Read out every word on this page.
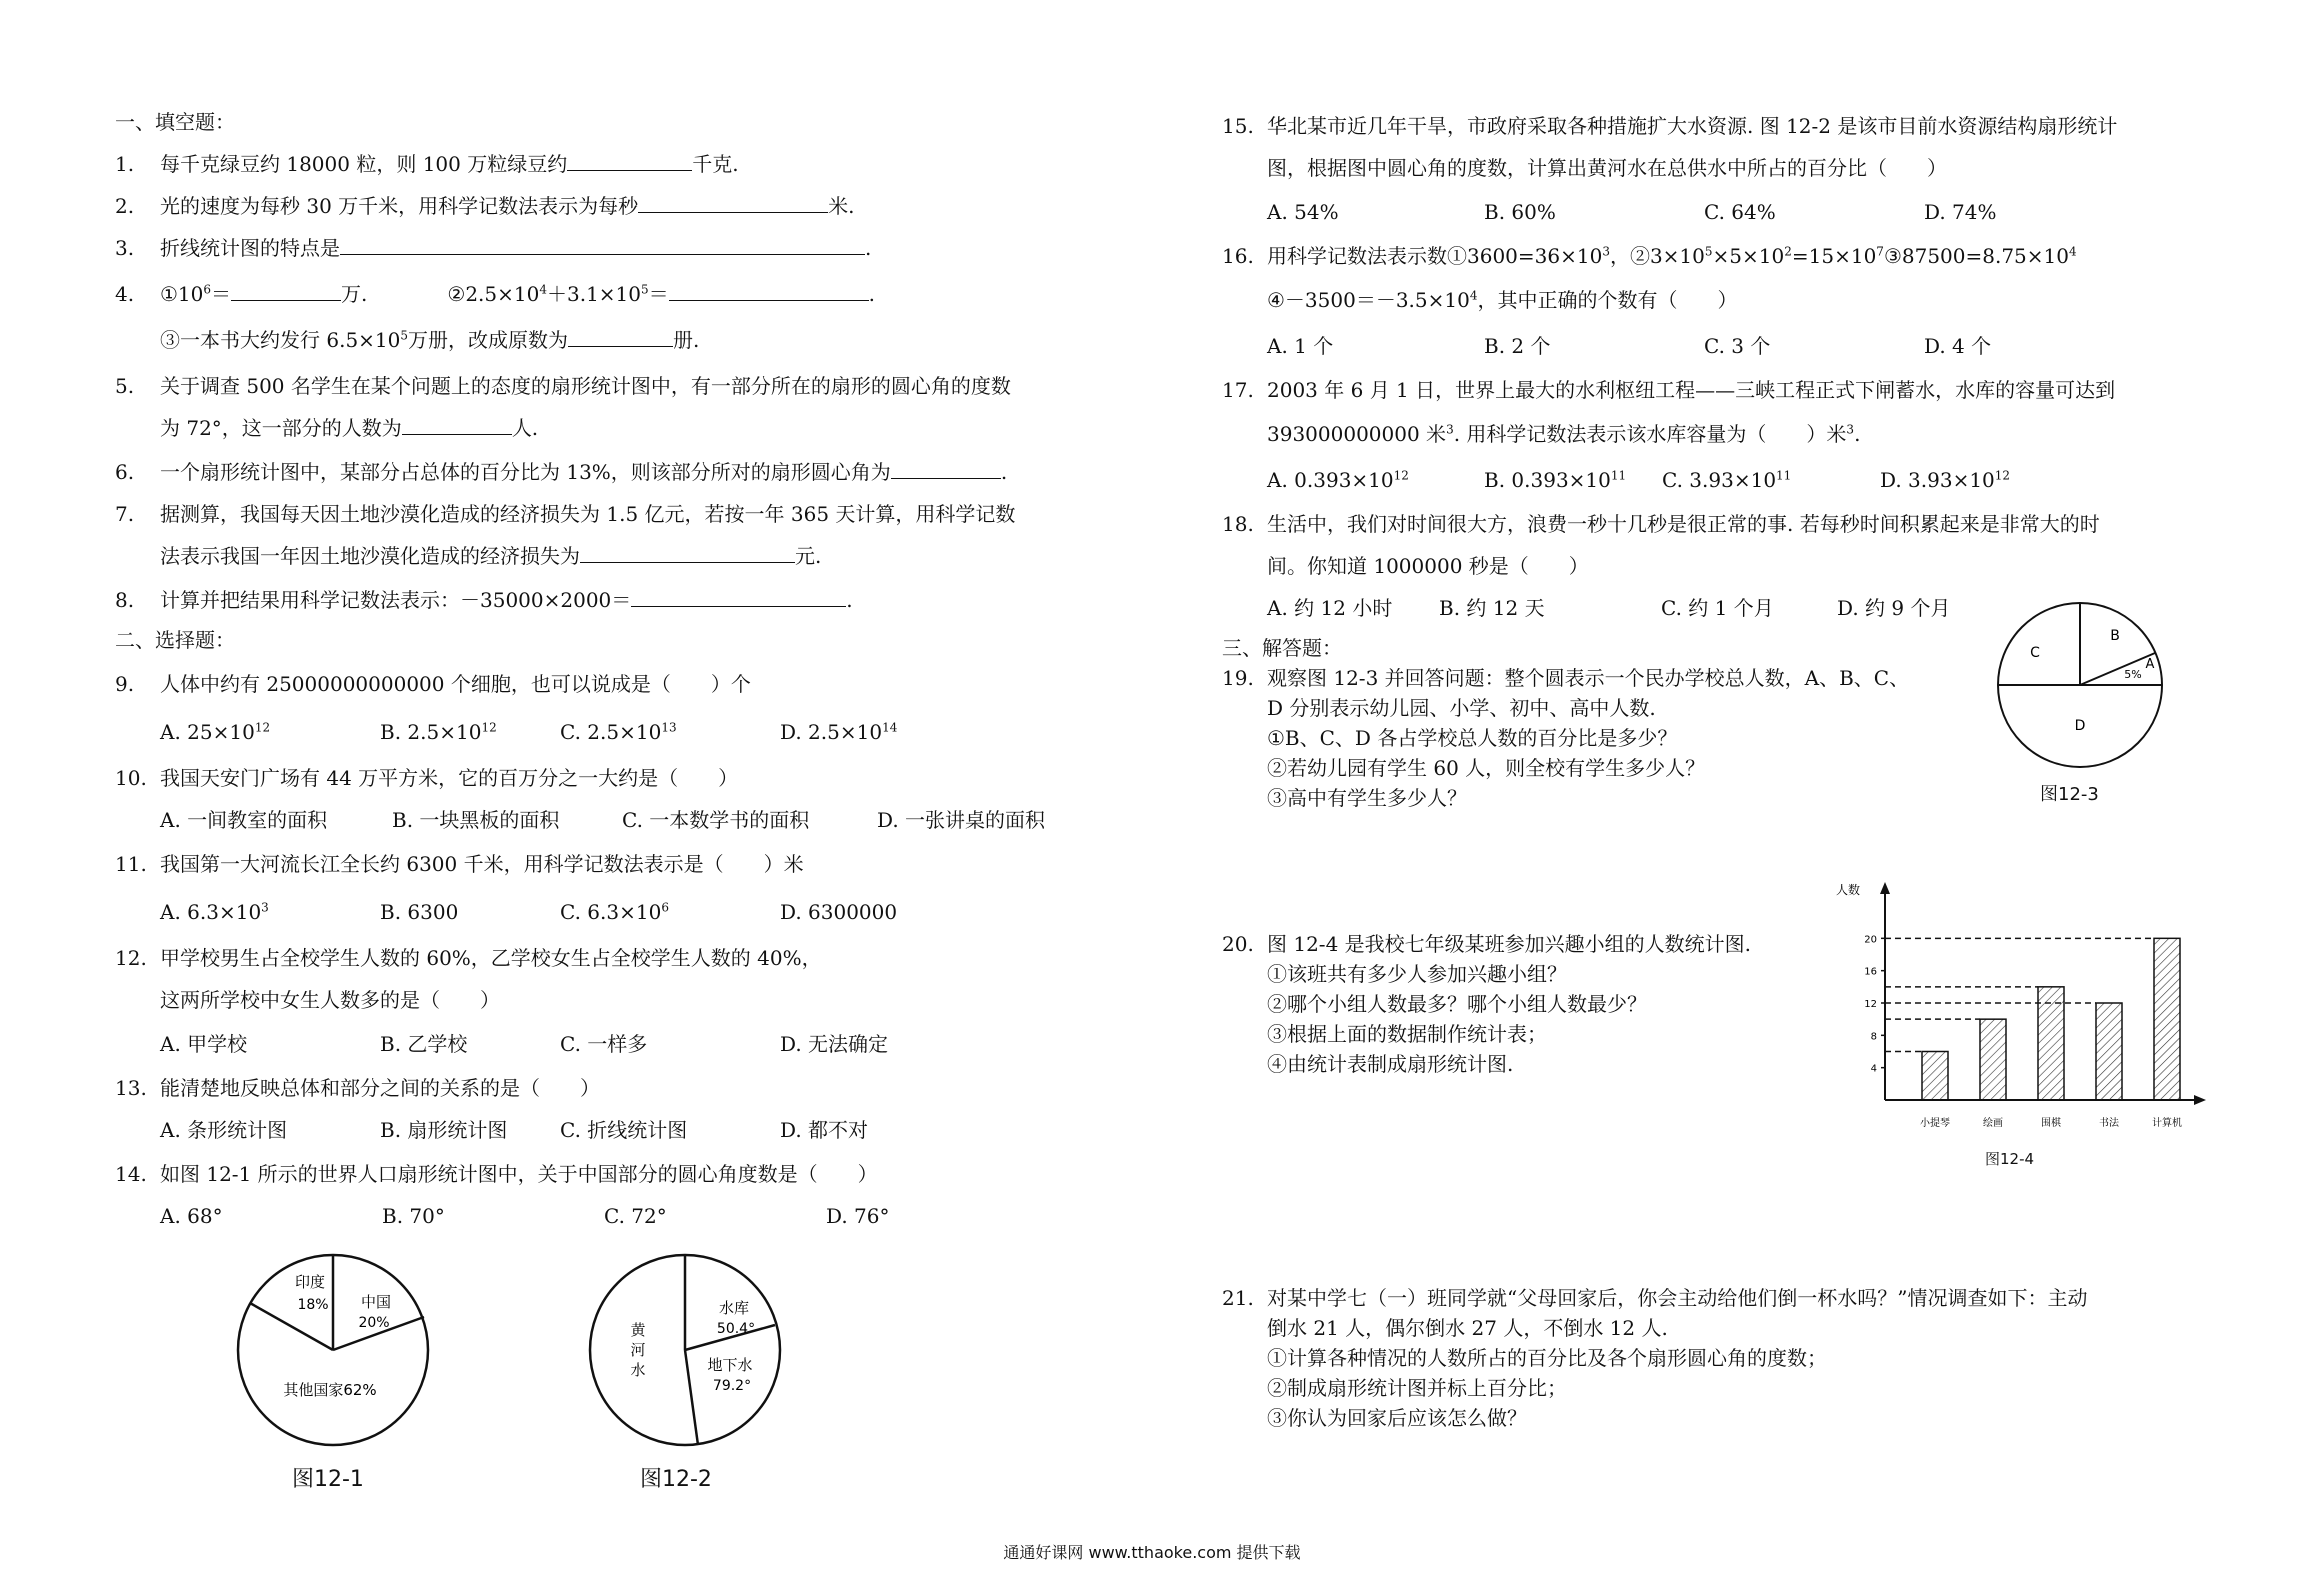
一、填空题：
1. 每千克绿豆约 18000 粒，则 100 万粒绿豆约	千克.
2. 光的速度为每秒 30 万千米，用科学记数法表示为每秒	米.
3. 折线统计图的特点是	.
4. $①10^6=$	万.	$②2.5\times 10^4+3.1\times 10^5=$	.
③一本书大约发行 $6.5\times 10^5$万册，改成原数为	册.
5. 关于调查 500 名学生在某个问题上的态度的扇形统计图中，有一部分所在的扇形的圆心角的度数
为 72°，这一部分的人数为	人.
6. 一个扇形统计图中，某部分占总体的百分比为 13%，则该部分所对的扇形圆心角为	.
7. 据测算，我国每天因土地沙漠化造成的经济损失为 1.5 亿元，若按一年 365 天计算，用科学记数
法表示我国一年因土地沙漠化造成的经济损失为	元.
8. 计算并把结果用科学记数法表示：－35000×2000＝	.
二、选择题：
9. 人体中约有 25000000000000 个细胞，也可以说成是（　　）个
A. $25\times 10^{12}$	B. $2.5\times 10^{12}$	C. $2.5\times 10^{13}$	D. $2.5\times 10^{14}$
10. 我国天安门广场有 44 万平方米，它的百万分之一大约是（　　）
A. 一间教室的面积	B. 一块黑板的面积	C. 一本数学书的面积	D. 一张讲桌的面积
11. 我国第一大河流长江全长约 6300 千米，用科学记数法表示是（　　）米
A. $6.3\times 10^3$	B. 6300	C. $6.3\times 10^6$	D. 6300000
12. 甲学校男生占全校学生人数的 60%，乙学校女生占全校学生人数的 40%，
这两所学校中女生人数多的是（　　）
A. 甲学校	B. 乙学校	C. 一样多	D. 无法确定
13. 能清楚地反映总体和部分之间的关系的是（　　）
A. 条形统计图	B. 扇形统计图	C. 折线统计图	D. 都不对
14. 如图 12-1 所示的世界人口扇形统计图中，关于中国部分的圆心角度数是（　　）
A. 68°	B. 70°	C. 72°	D. 76°
印度
18% 中国
20%
其他国家62%
图12-1
水库
50.4°
地下水
79.2°
黄
河
水
图12-2
15. 华北某市近几年干旱，市政府采取各种措施扩大水资源. 图 12-2 是该市目前水资源结构扇形统计
图，根据图中圆心角的度数，计算出黄河水在总供水中所占的百分比（　　）
A. 54%	B. 60%	C. 64%	D. 74%
16. 用科学记数法表示数$①3600=36\times 10^3$，$②3\times 10^5\times 5\times 10^2=15\times 10^7③87500=8.75\times 10^4$
$④-3500=-3.5\times 10^4$，其中正确的个数有（　　）
A. 1 个	B. 2 个	C. 3 个	D. 4 个
17. 2003 年 6 月 1 日，世界上最大的水利枢纽工程——三峡工程正式下闸蓄水，水库的容量可达到
393000000000 米$^3$. 用科学记数法表示该水库容量为（　　）米$^3$.
A. $0.393\times 10^{12}$	B. $0.393\times 10^{11}$ C. $3.93\times 10^{11}$	D. $3.93\times 10^{12}$
18. 生活中，我们对时间很大方，浪费一秒十几秒是很正常的事. 若每秒时间积累起来是非常大的时
间。你知道 1000000 秒是（　　）
A. 约 12 小时 B. 约 12 天	C. 约 1 个月	D. 约 9 个月
三、解答题：
19. 观察图 12-3 并回答问题：整个圆表示一个民办学校总人数，A、B、C、
D 分别表示幼儿园、小学、初中、高中人数.
①B、C、D 各占学校总人数的百分比是多少？
②若幼儿园有学生 60 人，则全校有学生多少人？
③高中有学生多少人？
20. 图 12-4 是我校七年级某班参加兴趣小组的人数统计图.
①该班共有多少人参加兴趣小组？
②哪个小组人数最多？哪个小组人数最少？
③根据上面的数据制作统计表；
④由统计表制成扇形统计图.
21. 对某中学七（一）班同学就“父母回家后，你会主动给他们倒一杯水吗？”情况调查如下：主动
倒水 21 人，偶尔倒水 27 人，不倒水 12 人.
①计算各种情况的人数所占的百分比及各个扇形圆心角的度数；
②制成扇形统计图并标上百分比；
③你认为回家后应该怎么做？
C
B
A
5%
D
图12-3
人数
4
8
12
16
20
小提琴	绘画	围棋	书法	计算机
图12-4
通通好课网 www.tthaoke.com 提供下载
